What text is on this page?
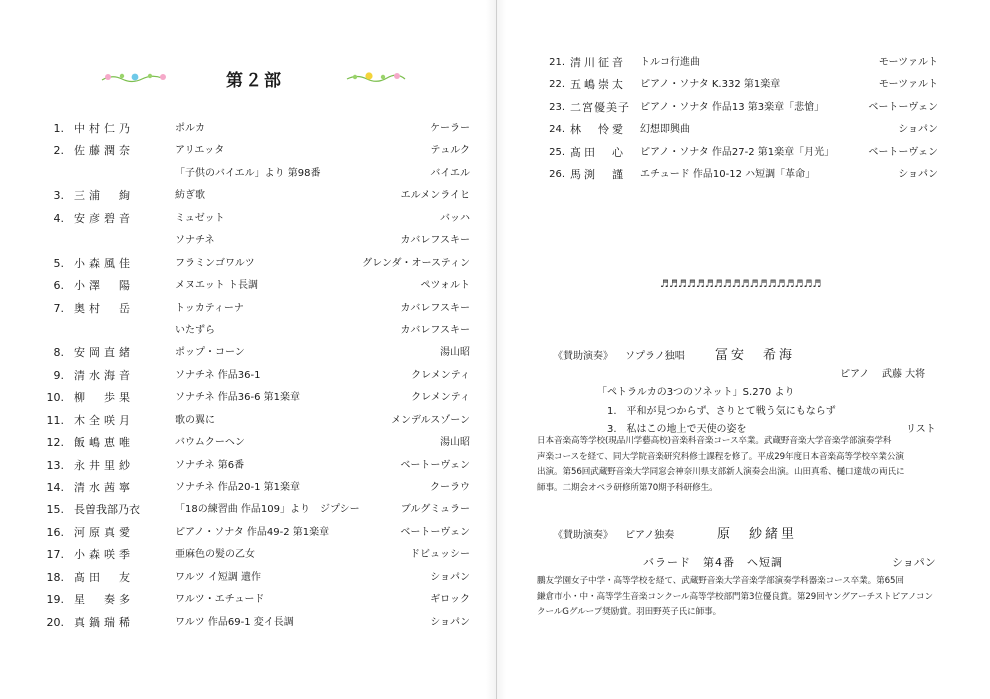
第２部
1. 中村仁乃	ポルカ	ケーラー
2. 佐藤潤奈	アリエッタ	テュルク
「子供のバイエル」より 第98番	バイエル
3. 三浦　絢	紡ぎ歌	エルメンライヒ
4. 安彦碧音	ミュゼット	バッハ
ソナチネ	カバレフスキー
5. 小森風佳	フラミンゴワルツ	グレンダ・オースティン
6. 小澤　陽	メヌエット ト長調	ペツォルト
7. 奥村　岳	トッカティーナ	カバレフスキー
いたずら	カバレフスキー
8. 安岡直緒	ポップ・コーン	湯山昭
9. 清水海音	ソナチネ 作品36-1	クレメンティ
10. 柳　歩果	ソナチネ 作品36-6 第1楽章	クレメンティ
11. 木全咲月	歌の翼に	メンデルスゾーン
12. 飯嶋恵唯	バウムクーヘン	湯山昭
13. 永井里紗	ソナチネ 第6番	ベートーヴェン
14. 清水茜寧	ソナチネ 作品20-1 第1楽章	クーラウ
15. 長曽我部乃衣	「18の練習曲 作品109」より　ジプシー	ブルグミュラー
16. 河原真愛	ピアノ・ソナタ 作品49-2 第1楽章	ベートーヴェン
17. 小森咲季	亜麻色の髪の乙女	ドビュッシー
18. 髙田　友	ワルツ イ短調 遺作	ショパン
19. 星　奏多	ワルツ・エチュード	ギロック
20. 真鍋瑞稀	ワルツ 作品69-1 変イ長調	ショパン
21. 清川征音	トルコ行進曲	モーツァルト
22. 五嶋崇太	ピアノ・ソナタ K.332 第1楽章	モーツァルト
23. 二宮優美子	ピアノ・ソナタ 作品13 第3楽章「悲愴」	ベートーヴェン
24. 林　怜愛	幻想即興曲	ショパン
25. 髙田　心	ピアノ・ソナタ 作品27-2 第1楽章「月光」	ベートーヴェン
26. 馬渕　謹	エチュード 作品10-12 ハ短調「革命」	ショパン
♬♬♬♬♬♬♬♬♬♬♬♬♬♬♬♬♬♬
《賛助演奏》 ソプラノ独唱 冨安　希海
ピアノ 武藤 大将
「ペトラルカの3つのソネット」S.270 より
1.　平和が見つからず、さりとて戦う気にもならず
3.　私はこの地上で天使の姿を	リスト
日本音楽高等学校(現品川学藝高校)音楽科音楽コース卒業。武蔵野音楽大学音楽学部演奏学科
声楽コースを経て、同大学院音楽研究科修士課程を修了。平成29年度日本音楽高等学校卒業公演
出演。第56回武蔵野音楽大学同窓会神奈川県支部新人演奏会出演。山田真希、樋口達哉の両氏に
師事。二期会オペラ研修所第70期予科研修生。
《賛助演奏》 ピアノ独奏	原　紗緒里
バラード　第4番　ヘ短調	ショパン
鵬友学園女子中学・高等学校を経て、武蔵野音楽大学音楽学部演奏学科器楽コース卒業。第65回
鎌倉市小・中・高等学生音楽コンクール高等学校部門第3位優良賞。第29回ヤングアーチストピアノコン
クールGグループ奨励賞。羽田野英子氏に師事。
